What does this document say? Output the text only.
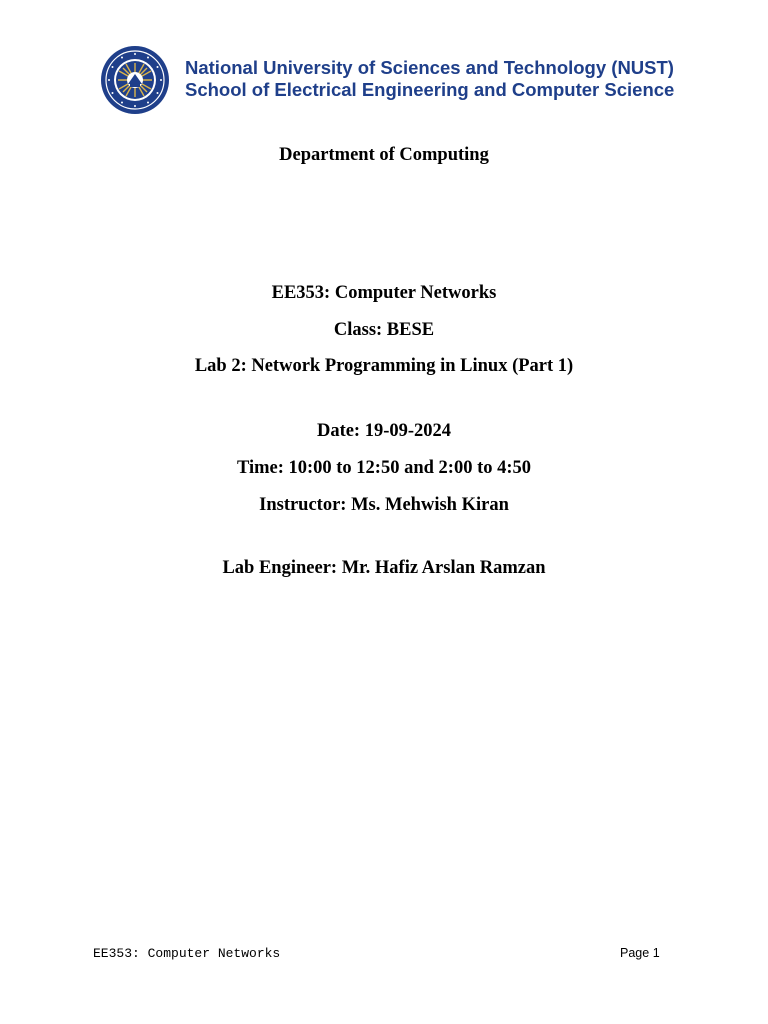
National University of Sciences and Technology (NUST)
School of Electrical Engineering and Computer Science
Department of Computing
EE353: Computer Networks
Class: BESE
Lab 2: Network Programming in Linux (Part 1)
Date: 19-09-2024
Time: 10:00 to 12:50 and 2:00 to 4:50
Instructor: Ms. Mehwish Kiran
Lab Engineer: Mr. Hafiz Arslan Ramzan
EE353: Computer Networks	Page 1
